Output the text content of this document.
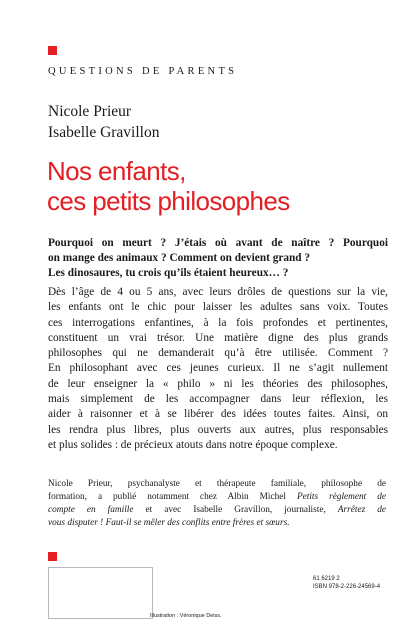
QUESTIONS DE PARENTS
Nicole Prieur
Isabelle Gravillon
Nos enfants,
ces petits philosophes
Pourquoi on meurt ? J’étais où avant de naître ? Pourquoi
on mange des animaux ? Comment on devient grand ?
Les dinosaures, tu crois qu’ils étaient heureux… ?
Dès l’âge de 4 ou 5 ans, avec leurs drôles de questions sur la vie,
les enfants ont le chic pour laisser les adultes sans voix. Toutes
ces interrogations enfantines, à la fois profondes et pertinentes,
constituent un vrai trésor. Une matière digne des plus grands
philosophes qui ne demanderait qu’à être utilisée. Comment ?
En philosophant avec ces jeunes curieux. Il ne s’agit nullement
de leur enseigner la « philo » ni les théories des philosophes,
mais simplement de les accompagner dans leur réflexion, les
aider à raisonner et à se libérer des idées toutes faites. Ainsi, on
les rendra plus libres, plus ouverts aux autres, plus responsables
et plus solides : de précieux atouts dans notre époque complexe.
Nicole Prieur, psychanalyste et thérapeute familiale, philosophe de
formation, a publié notamment chez Albin Michel Petits règlement de
compte en famille et avec Isabelle Gravillon, journaliste, Arrêtez de
vous disputer ! Faut-il se mêler des conflits entre frères et sœurs.
61 6219 2
ISBN 978-2-226-24569-4
Illustration : Véronique Deiss.
